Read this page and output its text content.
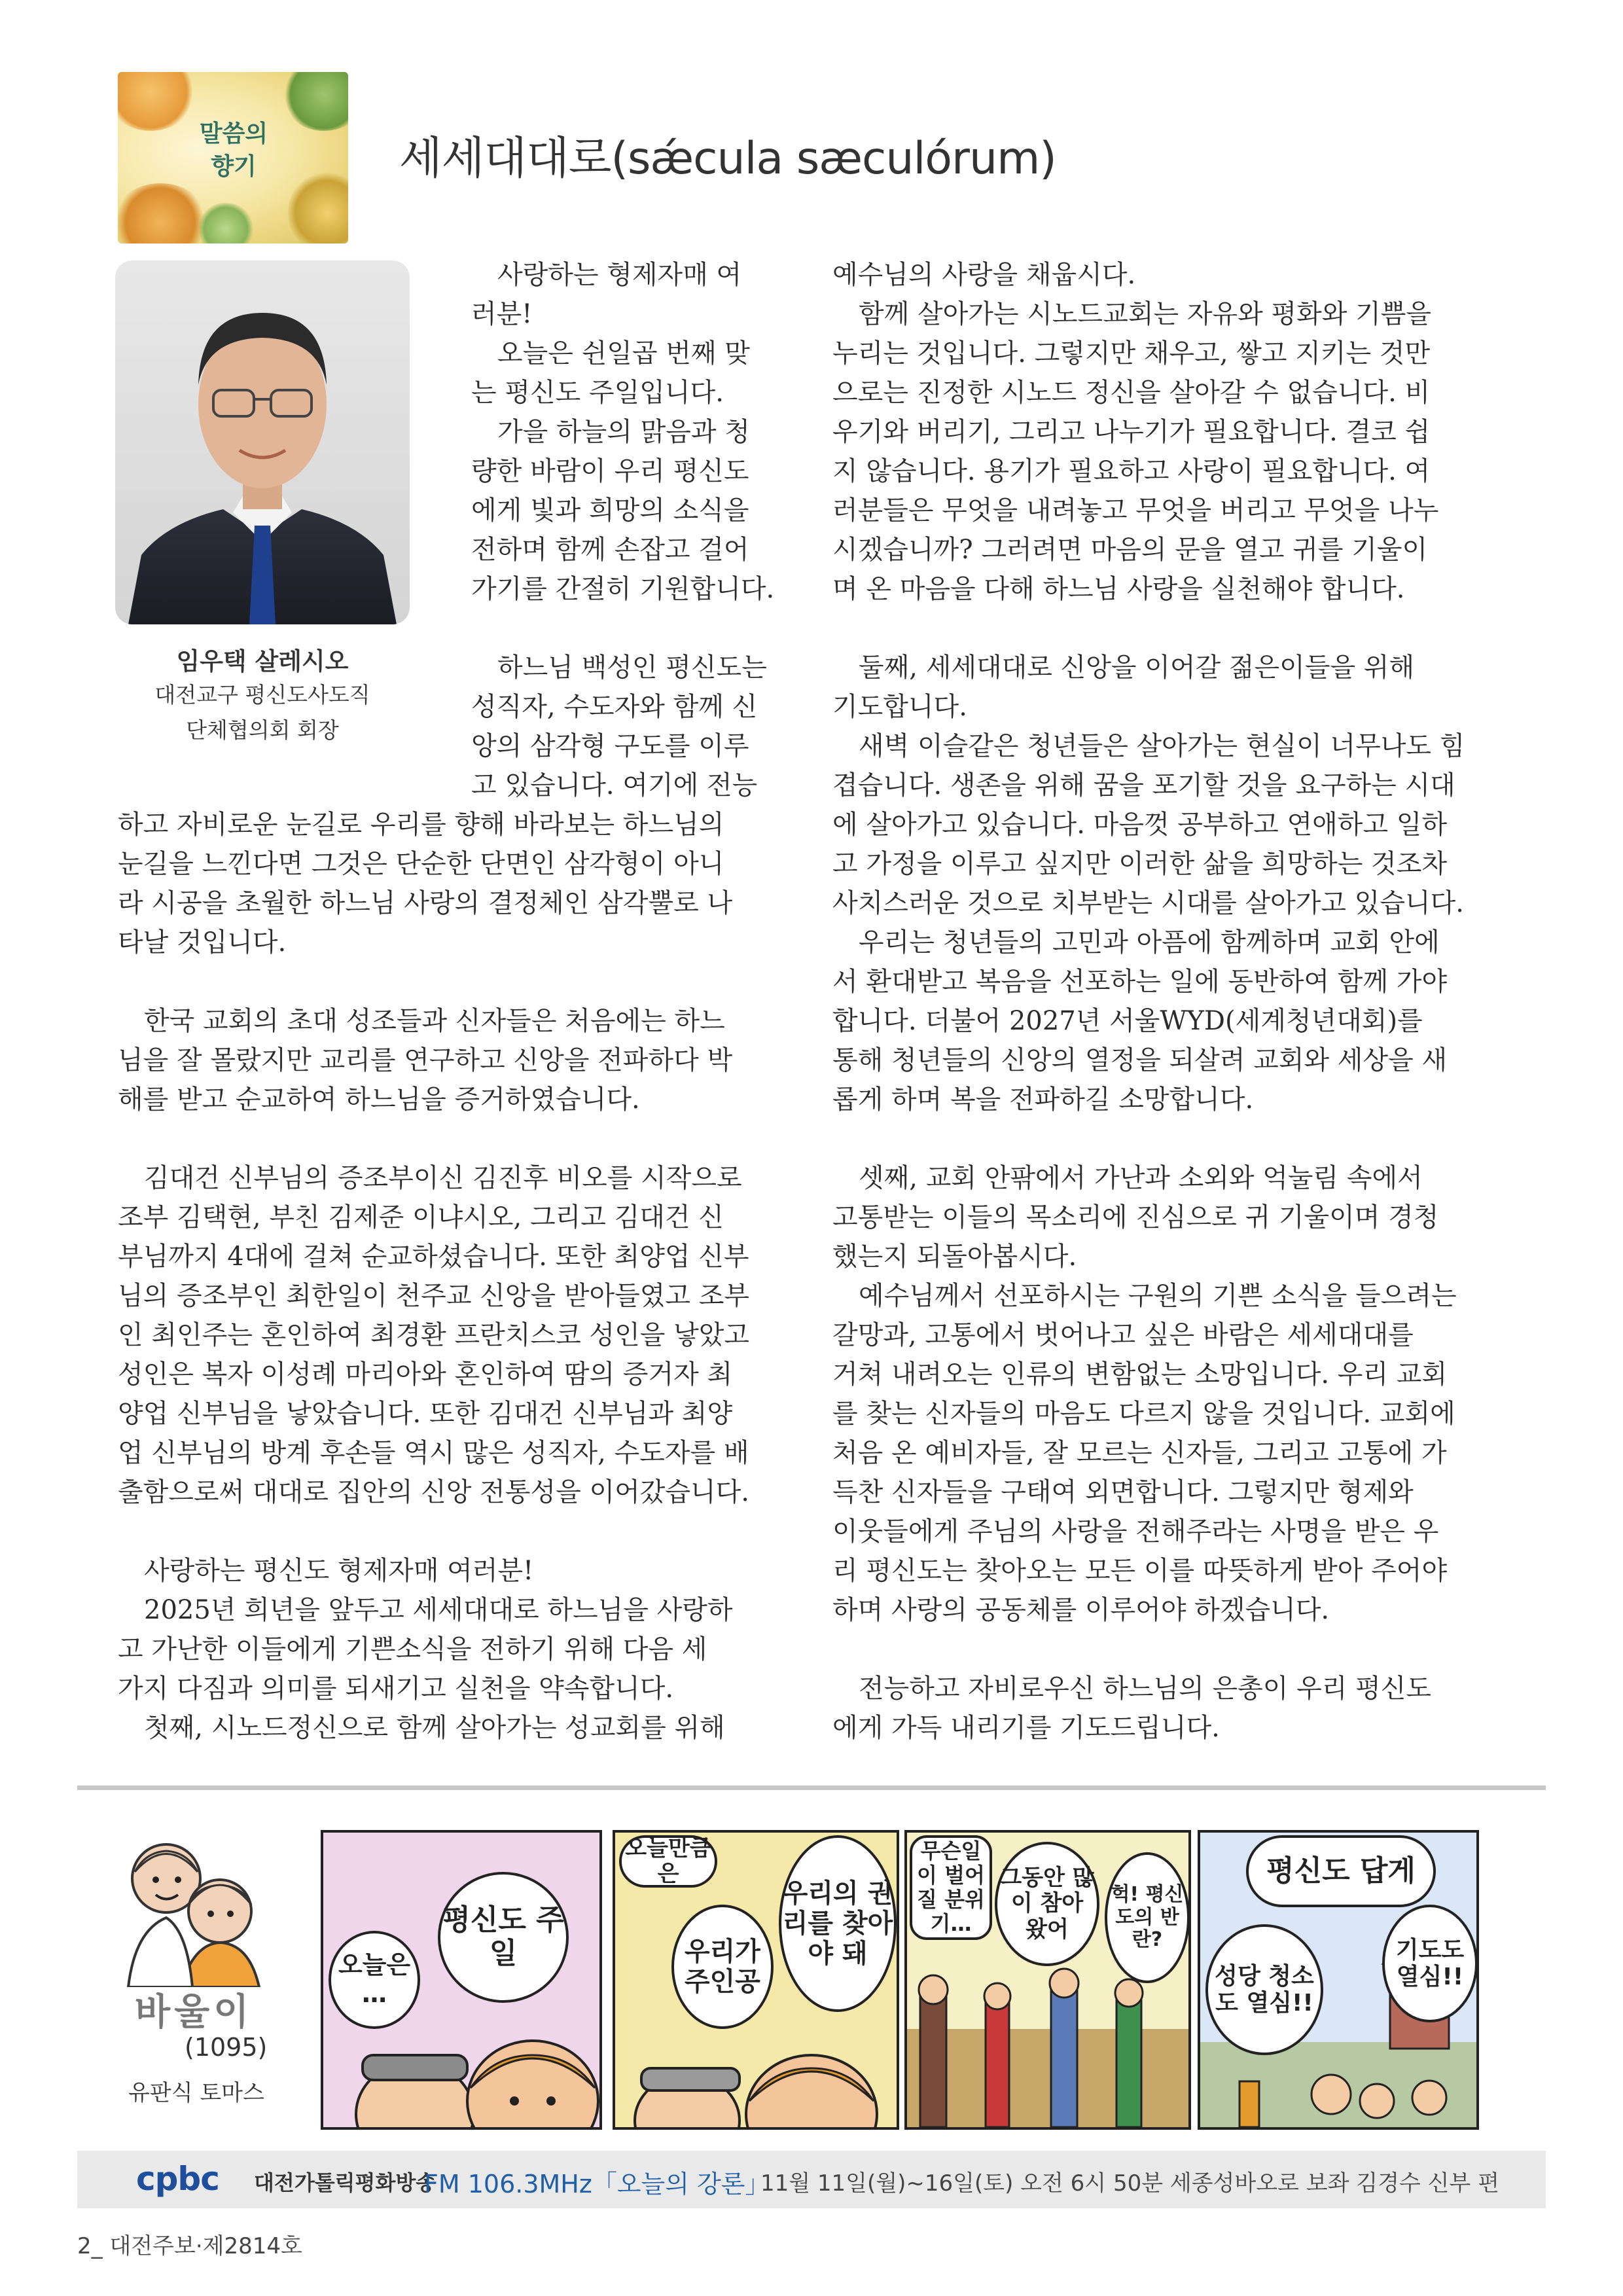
말씀의
향기	세세대대로(sǽcula sæculórum)
임우택 살레시오
대전교구 평신도사도직
단체협의회 회장
사랑하는 형제자매 여
러분!
오늘은 쉰일곱 번째 맞
는 평신도 주일입니다.
가을 하늘의 맑음과 청
량한 바람이 우리 평신도
에게 빛과 희망의 소식을
전하며 함께 손잡고 걸어
가기를 간절히 기원합니다.
하느님 백성인 평신도는
성직자, 수도자와 함께 신
앙의 삼각형 구도를 이루
고 있습니다. 여기에 전능
하고 자비로운 눈길로 우리를 향해 바라보는 하느님의
눈길을 느낀다면 그것은 단순한 단면인 삼각형이 아니
라 시공을 초월한 하느님 사랑의 결정체인 삼각뿔로 나
타날 것입니다.
한국 교회의 초대 성조들과 신자들은 처음에는 하느
님을 잘 몰랐지만 교리를 연구하고 신앙을 전파하다 박
해를 받고 순교하여 하느님을 증거하였습니다.
김대건 신부님의 증조부이신 김진후 비오를 시작으로
조부 김택현, 부친 김제준 이냐시오, 그리고 김대건 신
부님까지 4대에 걸쳐 순교하셨습니다. 또한 최양업 신부
님의 증조부인 최한일이 천주교 신앙을 받아들였고 조부
인 최인주는 혼인하여 최경환 프란치스코 성인을 낳았고
성인은 복자 이성례 마리아와 혼인하여 땀의 증거자 최
양업 신부님을 낳았습니다. 또한 김대건 신부님과 최양
업 신부님의 방계 후손들 역시 많은 성직자, 수도자를 배
출함으로써 대대로 집안의 신앙 전통성을 이어갔습니다.
사랑하는 평신도 형제자매 여러분!
2025년 희년을 앞두고 세세대대로 하느님을 사랑하
고 가난한 이들에게 기쁜소식을 전하기 위해 다음 세
가지 다짐과 의미를 되새기고 실천을 약속합니다.
첫째, 시노드정신으로 함께 살아가는 성교회를 위해
예수님의 사랑을 채웁시다.
함께 살아가는 시노드교회는 자유와 평화와 기쁨을
누리는 것입니다. 그렇지만 채우고, 쌓고 지키는 것만
으로는 진정한 시노드 정신을 살아갈 수 없습니다. 비
우기와 버리기, 그리고 나누기가 필요합니다. 결코 쉽
지 않습니다. 용기가 필요하고 사랑이 필요합니다. 여
러분들은 무엇을 내려놓고 무엇을 버리고 무엇을 나누
시겠습니까? 그러려면 마음의 문을 열고 귀를 기울이
며 온 마음을 다해 하느님 사랑을 실천해야 합니다.
둘째, 세세대대로 신앙을 이어갈 젊은이들을 위해
기도합니다.
새벽 이슬같은 청년들은 살아가는 현실이 너무나도 힘
겹습니다. 생존을 위해 꿈을 포기할 것을 요구하는 시대
에 살아가고 있습니다. 마음껏 공부하고 연애하고 일하
고 가정을 이루고 싶지만 이러한 삶을 희망하는 것조차
사치스러운 것으로 치부받는 시대를 살아가고 있습니다.
우리는 청년들의 고민과 아픔에 함께하며 교회 안에
서 환대받고 복음을 선포하는 일에 동반하여 함께 가야
합니다. 더불어 2027년 서울WYD(세계청년대회)를
통해 청년들의 신앙의 열정을 되살려 교회와 세상을 새
롭게 하며 복을 전파하길 소망합니다.
셋째, 교회 안팎에서 가난과 소외와 억눌림 속에서
고통받는 이들의 목소리에 진심으로 귀 기울이며 경청
했는지 되돌아봅시다.
예수님께서 선포하시는 구원의 기쁜 소식을 들으려는
갈망과, 고통에서 벗어나고 싶은 바람은 세세대대를
거쳐 내려오는 인류의 변함없는 소망입니다. 우리 교회
를 찾는 신자들의 마음도 다르지 않을 것입니다. 교회에
처음 온 예비자들, 잘 모르는 신자들, 그리고 고통에 가
득찬 신자들을 구태여 외면합니다. 그렇지만 형제와
이웃들에게 주님의 사랑을 전해주라는 사명을 받은 우
리 평신도는 찾아오는 모든 이를 따뜻하게 받아 주어야
하며 사랑의 공동체를 이루어야 하겠습니다.
전능하고 자비로우신 하느님의 은총이 우리 평신도
에게 가득 내리기를 기도드립니다.
바울이
(1095)
유판식 토마스
오늘은 …
평신도 주일
오늘만큼은
우리가 주인공
우리의 권리를 찾아야 돼
무슨일이 벌어질 분위기…
그동안 많이 참아 왔어
헉! 평신도의 반란?
평신도 답게
성당 청소도 열심!!
기도도 열심!!
cpbc 대전가톨릭평화방송
FM 106.3MHz「오늘의 강론」
11월 11일(월)~16일(토) 오전 6시 50분 세종성바오로 보좌 김경수 신부 편
2_ 대전주보·제2814호
